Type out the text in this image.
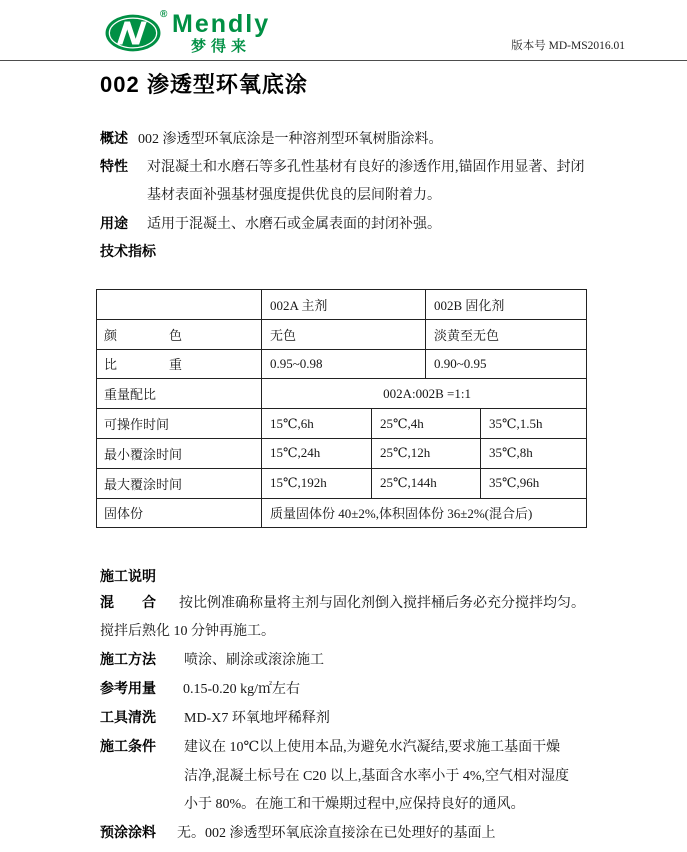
® Mendly
梦得来	版本号 MD-MS2016.01
002 渗透型环氧底涂
概述 002 渗透型环氧底涂是一种溶剂型环氧树脂涂料。
特性 对混凝土和水磨石等多孔性基材有良好的渗透作用,锚固作用显著、封闭
基材表面补强基材强度提供优良的层间附着力。
用途 适用于混凝土、水磨石或金属表面的封闭补强。
技术指标
	002A 主剂		002B 固化剂	
颜　　　　色	无色		淡黄至无色	
比　　　　重	0.95~0.98		0.90~0.95	
重量配比	002A:002B =1:1			
可操作时间	15℃,6h	25℃,4h		35℃,1.5h
最小覆涂时间	15℃,24h	25℃,12h		35℃,8h
最大覆涂时间	15℃,192h	25℃,144h		35℃,96h
固体份	质量固体份 40±2%,体积固体份 36±2%(混合后)			
施工说明
混　　合 按比例准确称量将主剂与固化剂倒入搅拌桶后务必充分搅拌均匀。
搅拌后熟化 10 分钟再施工。
施工方法 喷涂、刷涂或滚涂施工
参考用量 0.15-0.20 kg/㎡左右
工具清洗 MD-X7 环氧地坪稀释剂
施工条件 建议在 10℃以上使用本品,为避免水汽凝结,要求施工基面干燥
洁净,混凝土标号在 C20 以上,基面含水率小于 4%,空气相对湿度
小于 80%。在施工和干燥期过程中,应保持良好的通风。
预涂涂料 无。002 渗透型环氧底涂直接涂在已处理好的基面上
